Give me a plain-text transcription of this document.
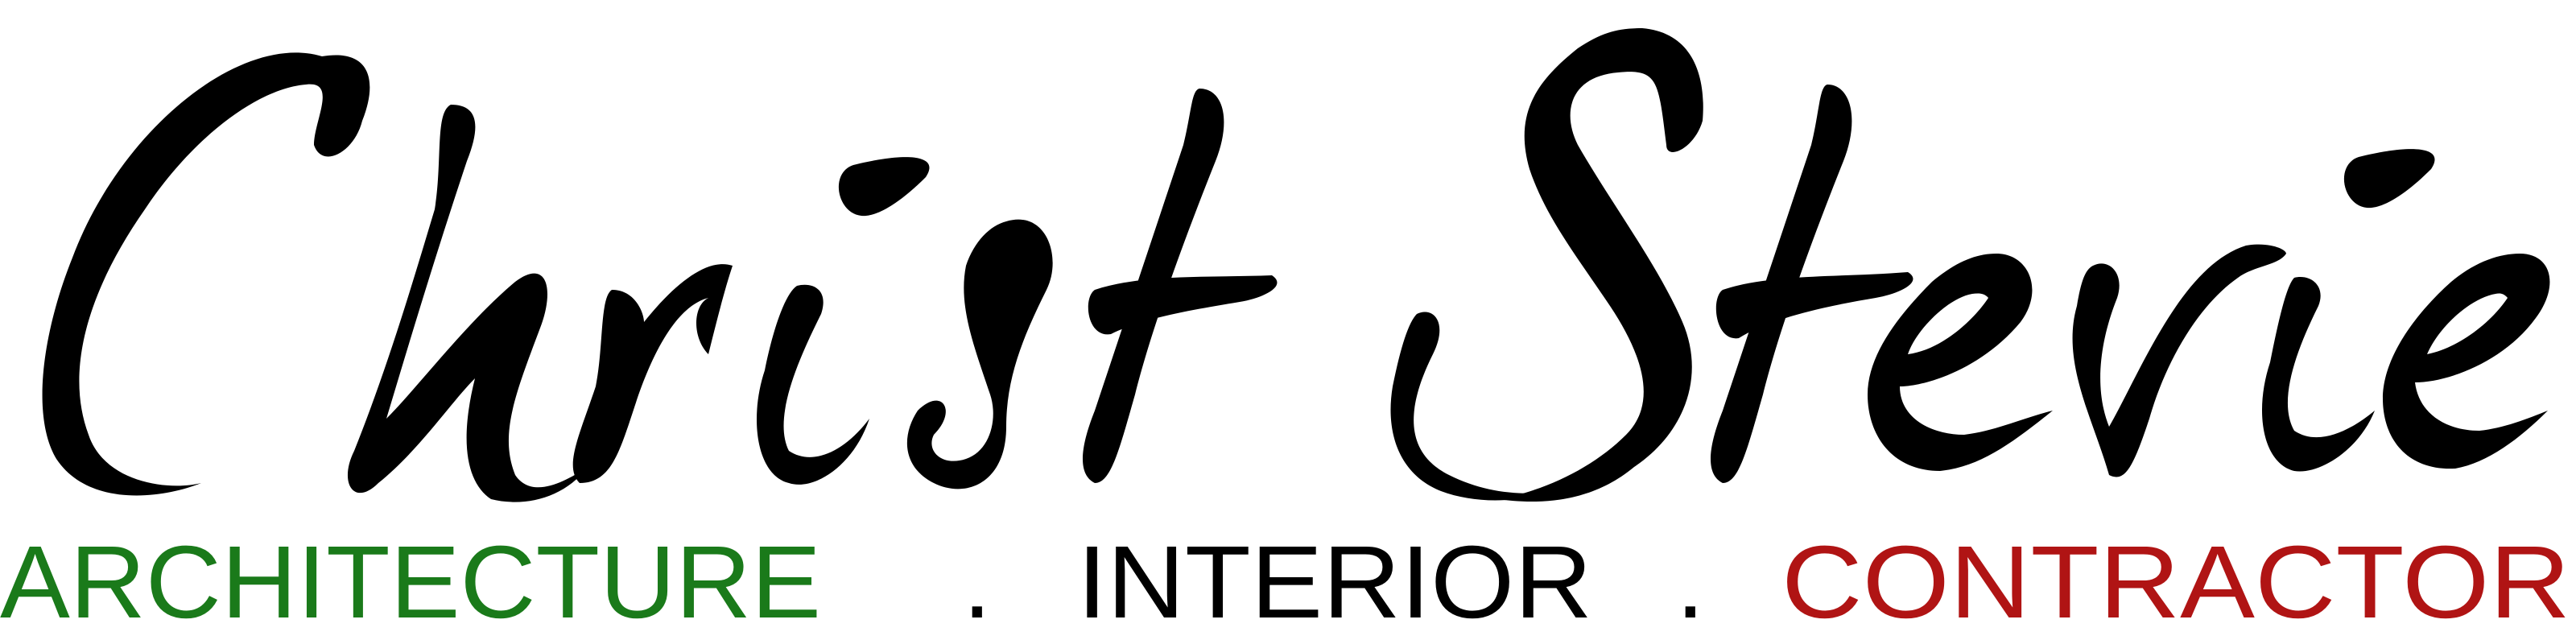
ARCHITECTURE . INTERIOR . CONTRACTOR
